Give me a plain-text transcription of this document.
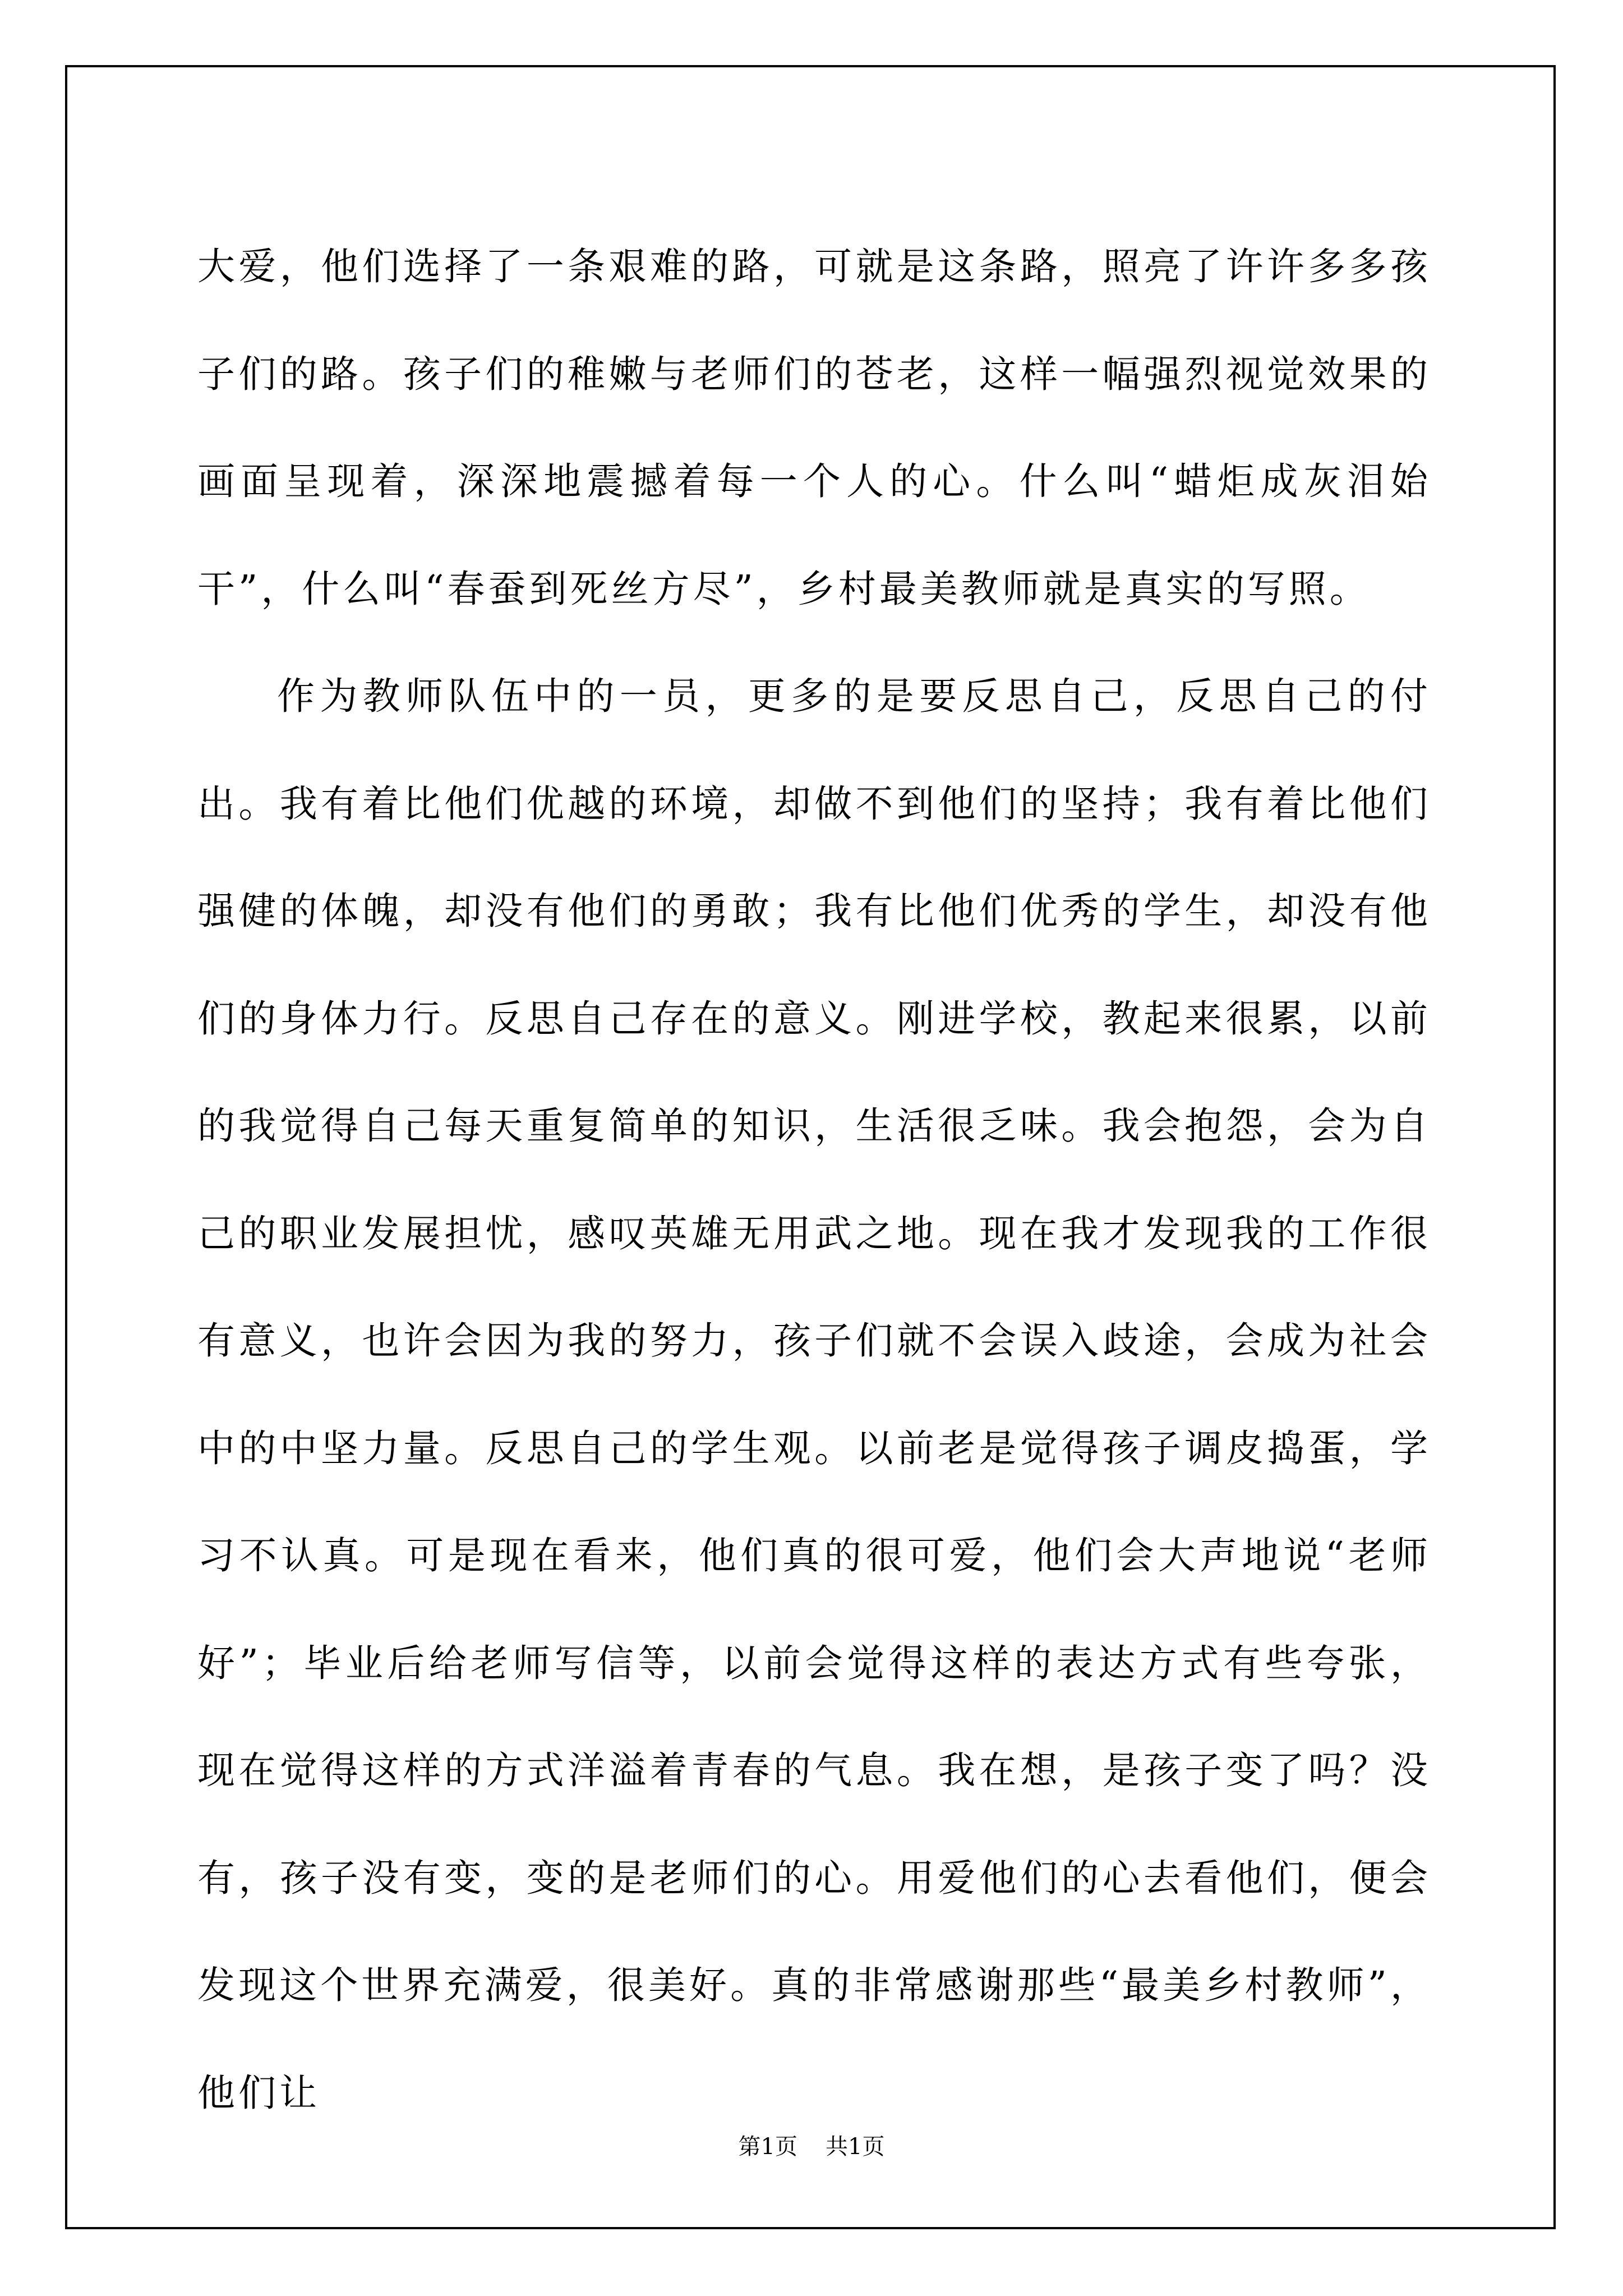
大爱，他们选择了一条艰难的路，可就是这条路，照亮了许许多多孩子们的路。孩子们的稚嫩与老师们的苍老，这样一幅强烈视觉效果的画面呈现着，深深地震撼着每一个人的心。什么叫“蜡炬成灰泪始干”，什么叫“春蚕到死丝方尽”，乡村最美教师就是真实的写照。

作为教师队伍中的一员，更多的是要反思自己，反思自己的付出。我有着比他们优越的环境，却做不到他们的坚持；我有着比他们强健的体魄，却没有他们的勇敢；我有比他们优秀的学生，却没有他们的身体力行。反思自己存在的意义。刚进学校，教起来很累，以前的我觉得自己每天重复简单的知识，生活很乏味。我会抱怨，会为自己的职业发展担忧，感叹英雄无用武之地。现在我才发现我的工作很有意义，也许会因为我的努力，孩子们就不会误入歧途，会成为社会中的中坚力量。反思自己的学生观。以前老是觉得孩子调皮捣蛋，学习不认真。可是现在看来，他们真的很可爱，他们会大声地说“老师好”；毕业后给老师写信等，以前会觉得这样的表达方式有些夸张，现在觉得这样的方式洋溢着青春的气息。我在想，是孩子变了吗？没有，孩子没有变，变的是老师们的心。用爱他们的心去看他们，便会发现这个世界充满爱，很美好。真的非常感谢那些“最美乡村教师”，他们让

第1页 共1页
